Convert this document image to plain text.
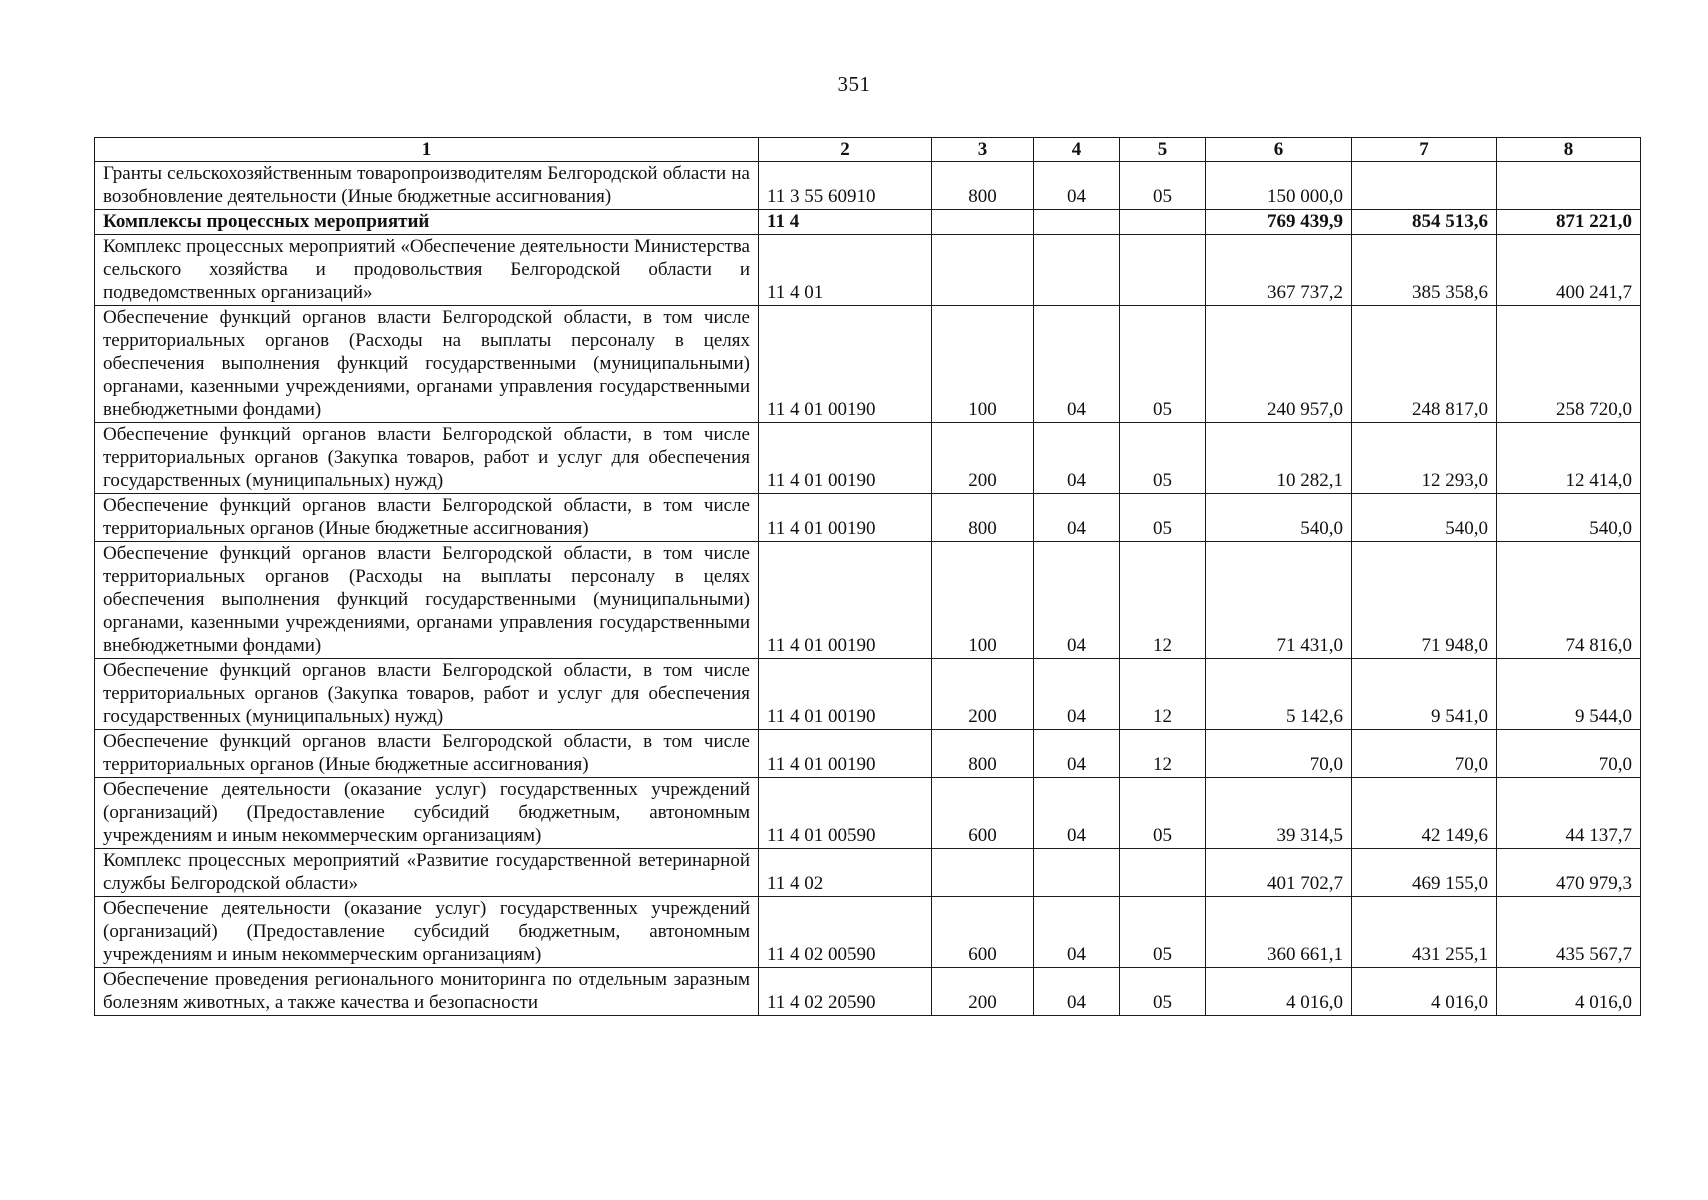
351
1	2	3	4	5	6	7	8
Гранты сельскохозяйственным товаропроизводителям Белгородской области на возобновление деятельности (Иные бюджетные ассигнования)	11 3 55 60910	800	04	05	150 000,0		
Комплексы процессных мероприятий	11 4				769 439,9	854 513,6	871 221,0
Комплекс процессных мероприятий «Обеспечение деятельности Министерства сельского хозяйства и продовольствия Белгородской области и подведомственных организаций»	11 4 01				367 737,2	385 358,6	400 241,7
Обеспечение функций органов власти Белгородской области, в том числе территориальных органов (Расходы на выплаты персоналу в целях обеспечения выполнения функций государственными (муниципальными) органами, казенными учреждениями, органами управления государственными внебюджетными фондами)	11 4 01 00190	100	04	05	240 957,0	248 817,0	258 720,0
Обеспечение функций органов власти Белгородской области, в том числе территориальных органов (Закупка товаров, работ и услуг для обеспечения государственных (муниципальных) нужд)	11 4 01 00190	200	04	05	10 282,1	12 293,0	12 414,0
Обеспечение функций органов власти Белгородской области, в том числе территориальных органов (Иные бюджетные ассигнования)	11 4 01 00190	800	04	05	540,0	540,0	540,0
Обеспечение функций органов власти Белгородской области, в том числе территориальных органов (Расходы на выплаты персоналу в целях обеспечения выполнения функций государственными (муниципальными) органами, казенными учреждениями, органами управления государственными внебюджетными фондами)	11 4 01 00190	100	04	12	71 431,0	71 948,0	74 816,0
Обеспечение функций органов власти Белгородской области, в том числе территориальных органов (Закупка товаров, работ и услуг для обеспечения государственных (муниципальных) нужд)	11 4 01 00190	200	04	12	5 142,6	9 541,0	9 544,0
Обеспечение функций органов власти Белгородской области, в том числе территориальных органов (Иные бюджетные ассигнования)	11 4 01 00190	800	04	12	70,0	70,0	70,0
Обеспечение деятельности (оказание услуг) государственных учреждений (организаций) (Предоставление субсидий бюджетным, автономным учреждениям и иным некоммерческим организациям)	11 4 01 00590	600	04	05	39 314,5	42 149,6	44 137,7
Комплекс процессных мероприятий «Развитие государственной ветеринарной службы Белгородской области»	11 4 02				401 702,7	469 155,0	470 979,3
Обеспечение деятельности (оказание услуг) государственных учреждений (организаций) (Предоставление субсидий бюджетным, автономным учреждениям и иным некоммерческим организациям)	11 4 02 00590	600	04	05	360 661,1	431 255,1	435 567,7
Обеспечение проведения регионального мониторинга по отдельным заразным болезням животных, а также качества и безопасности	11 4 02 20590	200	04	05	4 016,0	4 016,0	4 016,0
